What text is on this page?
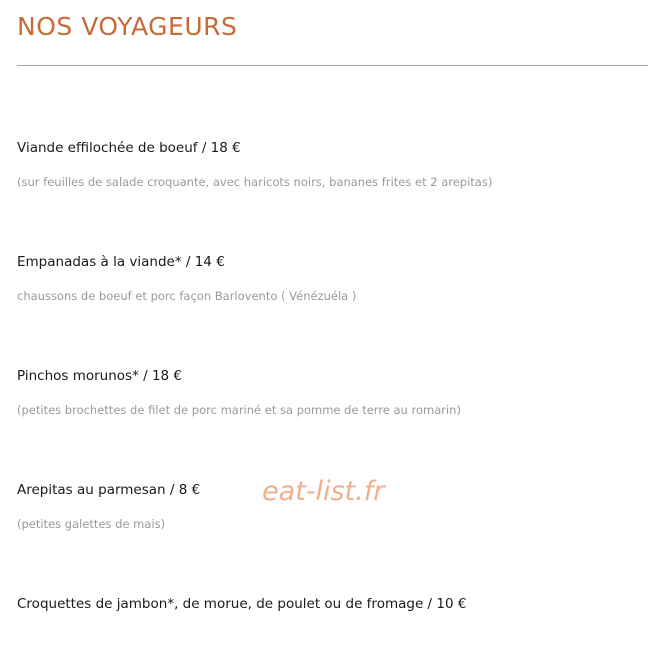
NOS VOYAGEURS
Viande effilochée de boeuf / 18 €
(sur feuilles de salade croquante, avec haricots noirs, bananes frites et 2 arepitas)
Empanadas à la viande* / 14 €
chaussons de boeuf et porc façon Barlovento ( Vénézuéla )
Pinchos morunos* / 18 €
(petites brochettes de filet de porc mariné et sa pomme de terre au romarin)
Arepitas au parmesan / 8 €
(petites galettes de mais)
Croquettes de jambon*, de morue, de poulet ou de fromage / 10 €
eat-list.fr
